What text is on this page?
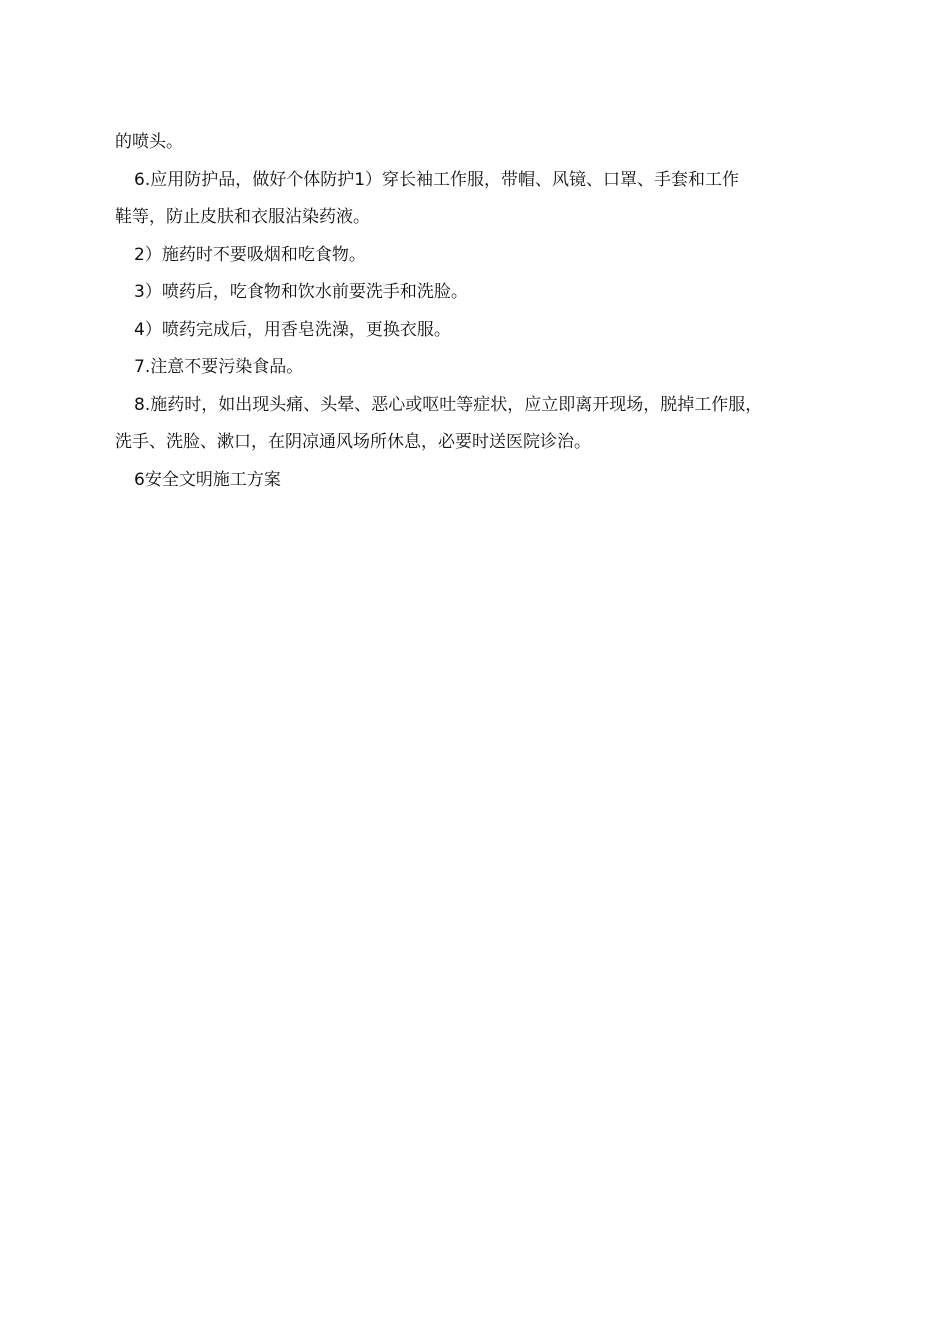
的喷头。

6.应用防护品，做好个体防护1）穿长袖工作服，带帽、风镜、口罩、手套和工作
鞋等，防止皮肤和衣服沾染药液。

2）施药时不要吸烟和吃食物。

3）喷药后，吃食物和饮水前要洗手和洗脸。

4）喷药完成后，用香皂洗澡，更换衣服。

7.注意不要污染食品。

8.施药时，如出现头痛、头晕、恶心或呕吐等症状，应立即离开现场，脱掉工作服，
洗手、洗脸、漱口，在阴凉通风场所休息，必要时送医院诊治。

6安全文明施工方案
